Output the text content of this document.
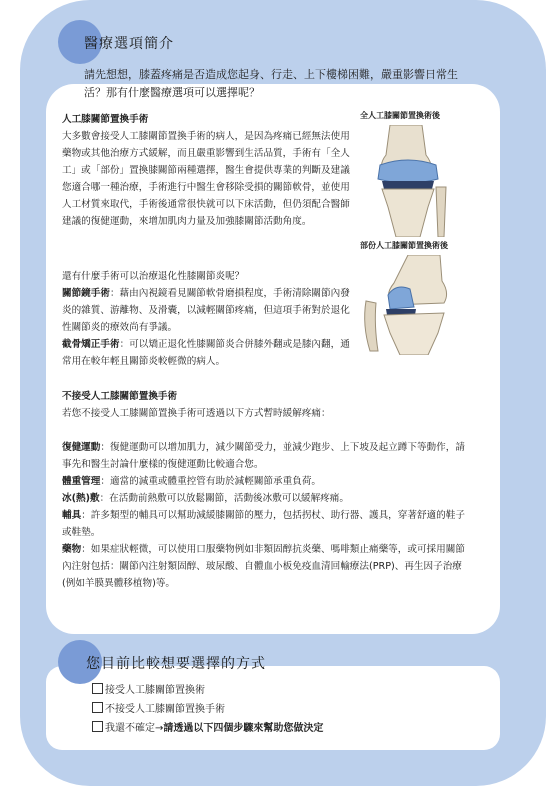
醫療選項簡介
請先想想，膝蓋疼痛是否造成您起身、行走、上下樓梯困難，嚴重影響日常生活？那有什麼醫療選項可以選擇呢？

人工膝關節置換手術

大多數會接受人工膝關節置換手術的病人，是因為疼痛已經無法使用藥物或其他治療方式緩解，而且嚴重影響到生活品質，手術有「全人工」或「部份」置換膝關節兩種選擇，醫生會提供專業的判斷及建議您適合哪一種治療，手術進行中醫生會移除受損的關節軟骨，並使用人工材質來取代，手術後通常很快就可以下床活動，但仍須配合醫師建議的復健運動，來增加肌肉力量及加強膝關節活動角度。

全人工膝關節置換術後
部份人工膝關節置換術後

還有什麼手術可以治療退化性膝關節炎呢？

關節鏡手術：藉由內視鏡看見關節軟骨磨損程度，手術清除關節內發炎的雜質、游離物、及滑囊，以減輕關節疼痛，但這項手術對於退化性關節炎的療效尚有爭議。

截骨矯正手術：可以矯正退化性膝關節炎合併膝外翻或是膝內翻，通常用在較年輕且關節炎較輕微的病人。

不接受人工膝關節置換手術

若您不接受人工膝關節置換手術可透過以下方式暫時緩解疼痛：

復健運動：復健運動可以增加肌力，減少關節受力，並減少跑步、上下坡及起立蹲下等動作，請事先和醫生討論什麼樣的復健運動比較適合您。

體重管理：適當的減重或體重控管有助於減輕關節承重負荷。

冰(熱)敷：在活動前熱敷可以放鬆關節，活動後冰敷可以緩解疼痛。

輔具：許多類型的輔具可以幫助減緩膝關節的壓力，包括拐杖、助行器、護具，穿著舒適的鞋子或鞋墊。

藥物：如果症狀輕微，可以使用口服藥物例如非類固醇抗炎藥、嗎啡類止痛藥等，或可採用關節內注射包括：關節內注射類固醇、玻尿酸、自體血小板免疫血清回輸療法(PRP)、再生因子治療(例如羊膜異體移植物)等。

您目前比較想要選擇的方式
接受人工膝關節置換術
不接受人工膝關節置換手術
我還不確定→請透過以下四個步驟來幫助您做決定
